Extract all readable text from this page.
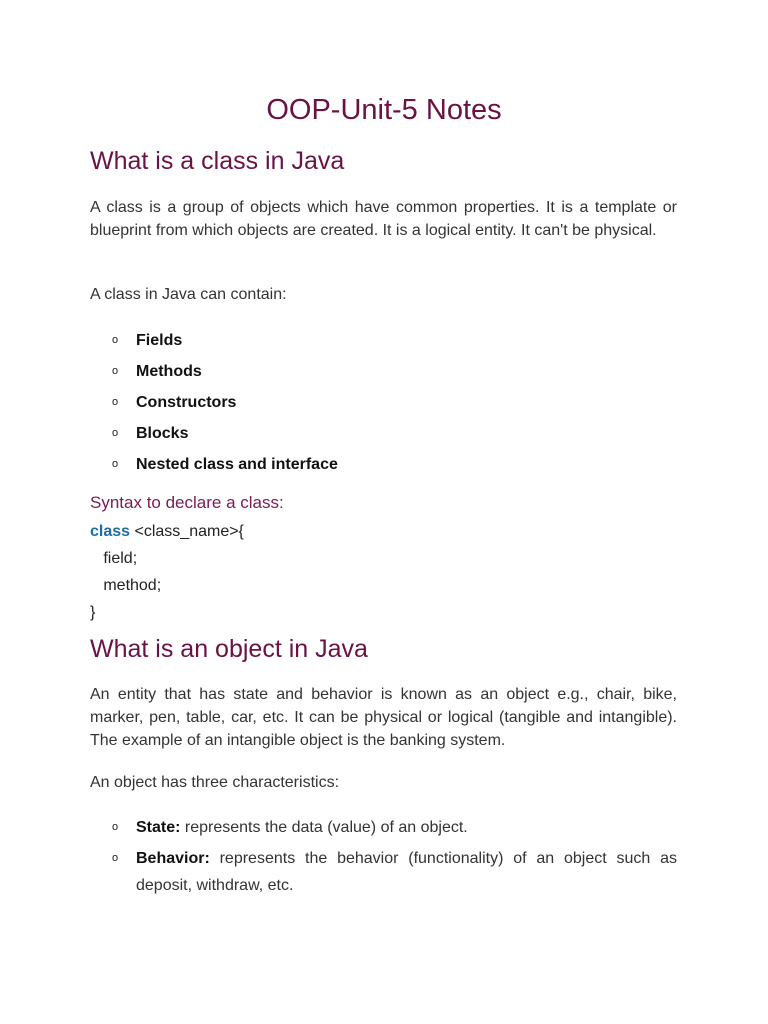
OOP-Unit-5 Notes
What is a class in Java

A class is a group of objects which have common properties. It is a template or blueprint from which objects are created. It is a logical entity. It can't be physical.

A class in Java can contain:

o Fields
o Methods
o Constructors
o Blocks
o Nested class and interface

Syntax to declare a class:

class <class_name>{
field;
method;
}
What is an object in Java

An entity that has state and behavior is known as an object e.g., chair, bike, marker, pen, table, car, etc. It can be physical or logical (tangible and intangible). The example of an intangible object is the banking system.

An object has three characteristics:

o State: represents the data (value) of an object.
o Behavior: represents the behavior (functionality) of an object such as deposit, withdraw, etc.
